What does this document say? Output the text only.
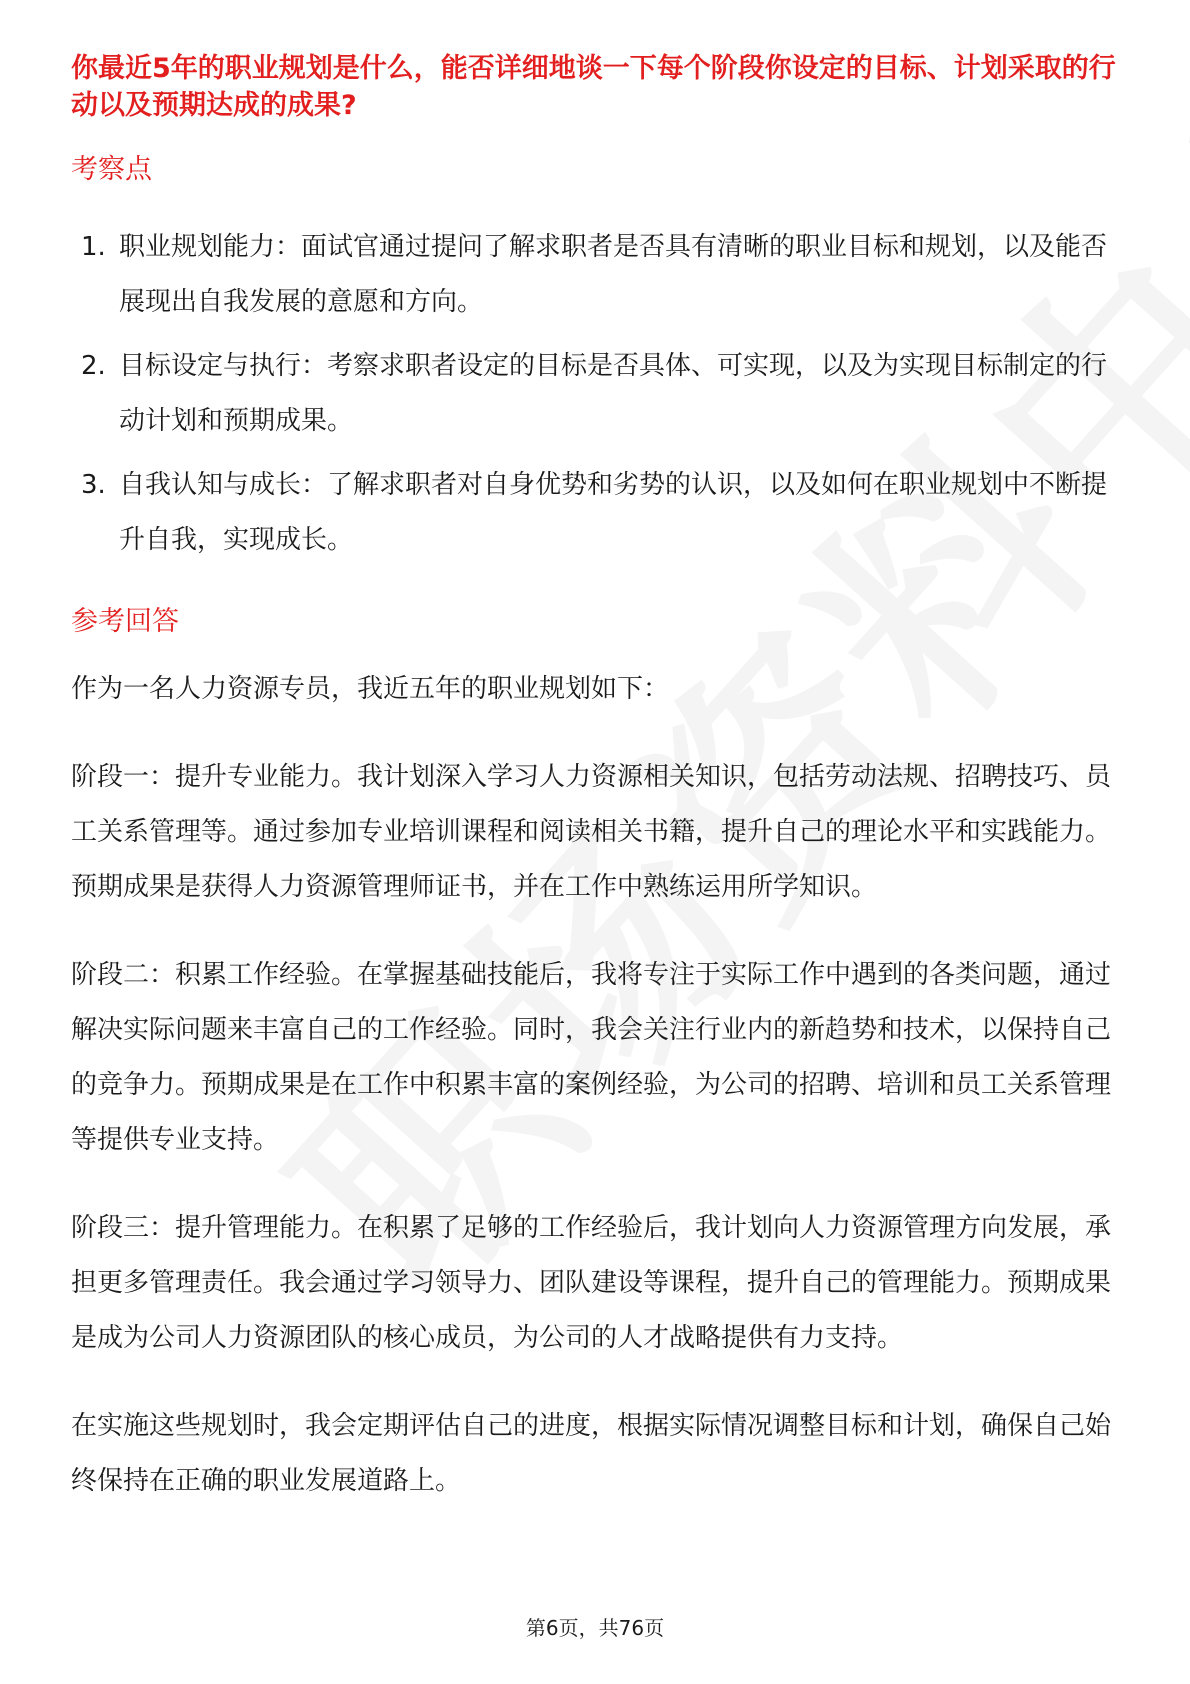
你最近5年的职业规划是什么，能否详细地谈一下每个阶段你设定的目标、计划采取的行动以及预期达成的成果?
考察点
1. 职业规划能力：面试官通过提问了解求职者是否具有清晰的职业目标和规划，以及能否展现出自我发展的意愿和方向。
2. 目标设定与执行：考察求职者设定的目标是否具体、可实现，以及为实现目标制定的行动计划和预期成果。
3. 自我认知与成长：了解求职者对自身优势和劣势的认识，以及如何在职业规划中不断提升自我，实现成长。
参考回答

作为一名人力资源专员，我近五年的职业规划如下：

阶段一：提升专业能力。我计划深入学习人力资源相关知识，包括劳动法规、招聘技巧、员工关系管理等。通过参加专业培训课程和阅读相关书籍，提升自己的理论水平和实践能力。预期成果是获得人力资源管理师证书，并在工作中熟练运用所学知识。

阶段二：积累工作经验。在掌握基础技能后，我将专注于实际工作中遇到的各类问题，通过解决实际问题来丰富自己的工作经验。同时，我会关注行业内的新趋势和技术，以保持自己的竞争力。预期成果是在工作中积累丰富的案例经验，为公司的招聘、培训和员工关系管理等提供专业支持。

阶段三：提升管理能力。在积累了足够的工作经验后，我计划向人力资源管理方向发展，承担更多管理责任。我会通过学习领导力、团队建设等课程，提升自己的管理能力。预期成果是成为公司人力资源团队的核心成员，为公司的人才战略提供有力支持。

在实施这些规划时，我会定期评估自己的进度，根据实际情况调整目标和计划，确保自己始终保持在正确的职业发展道路上。

第6页，共76页
